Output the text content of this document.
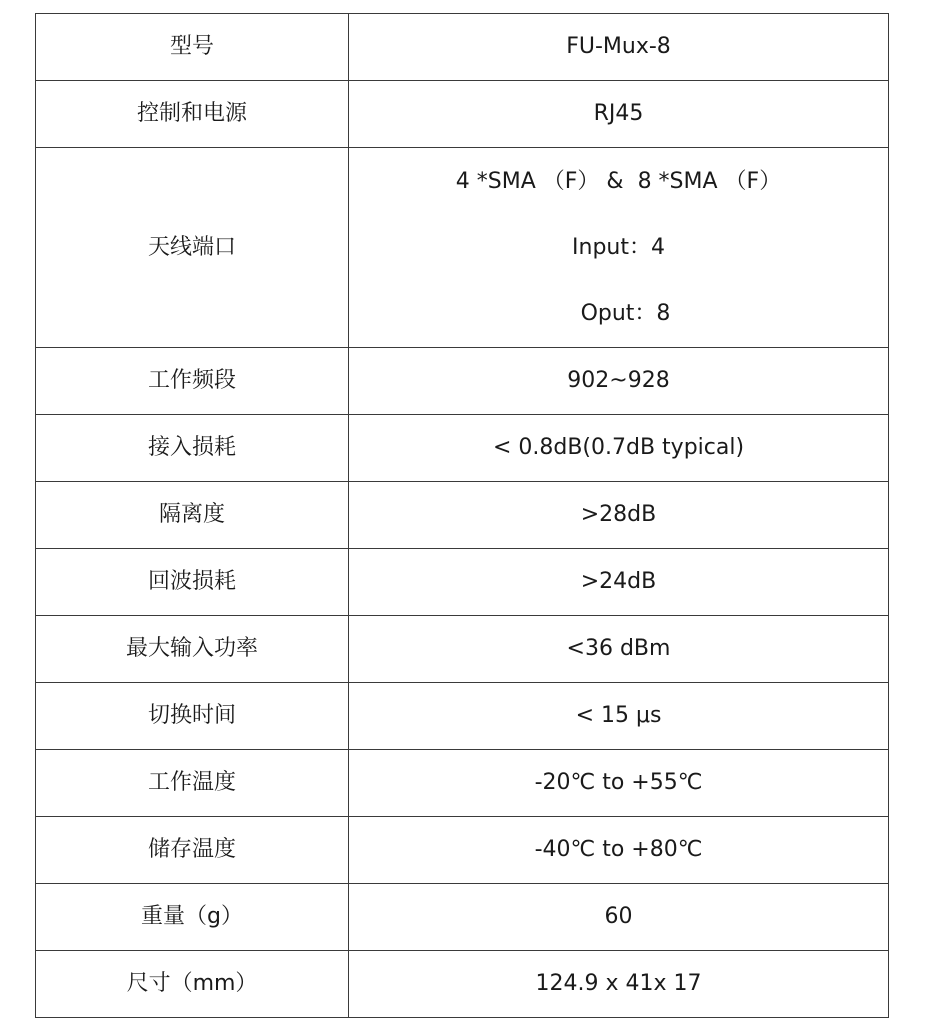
型号	FU-Mux-8

控制和电源	RJ45

天线端口	4 *SMA （F） &  8 *SMA （F）
Input：4
Oput：8

工作频段	902~928

接入损耗	< 0.8dB(0.7dB typical)

隔离度	>28dB

回波损耗	>24dB

最大输入功率	<36 dBm

切换时间	< 15 μs

工作温度	-20℃ to +55℃

储存温度	-40℃ to +80℃

重量（g）	60

尺寸（mm）	124.9 x 41x 17
